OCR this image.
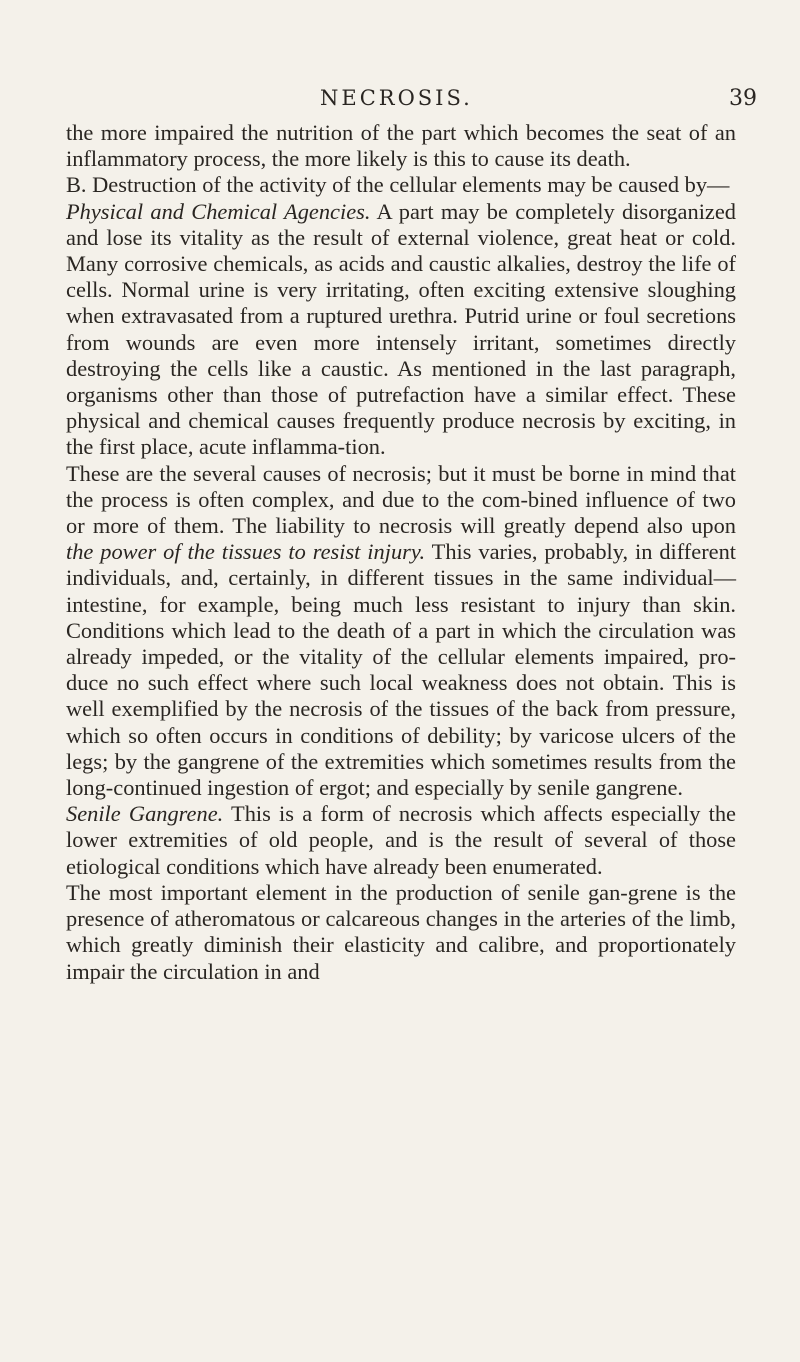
NECROSIS.	39

the more impaired the nutrition of the part which becomes the seat of an inflammatory process, the more likely is this to cause its death.

B. Destruction of the activity of the cellular elements may be caused by—

Physical and Chemical Agencies. A part may be completely disorganized and lose its vitality as the result of external violence, great heat or cold. Many corrosive chemicals, as acids and caustic alkalies, destroy the life of cells. Normal urine is very irritating, often exciting extensive sloughing when extravasated from a ruptured urethra. Putrid urine or foul secretions from wounds are even more intensely irritant, sometimes directly destroying the cells like a caustic. As mentioned in the last paragraph, organisms other than those of putrefaction have a similar effect. These physical and chemical causes frequently produce necrosis by exciting, in the first place, acute inflamma-tion.

These are the several causes of necrosis; but it must be borne in mind that the process is often complex, and due to the com-bined influence of two or more of them. The liability to necrosis will greatly depend also upon the power of the tissues to resist injury. This varies, probably, in different individuals, and, certainly, in different tissues in the same individual—intestine, for example, being much less resistant to injury than skin. Conditions which lead to the death of a part in which the circulation was already impeded, or the vitality of the cellular elements impaired, pro-duce no such effect where such local weakness does not obtain. This is well exemplified by the necrosis of the tissues of the back from pressure, which so often occurs in conditions of debility; by varicose ulcers of the legs; by the gangrene of the extremities which sometimes results from the long-continued ingestion of ergot; and especially by senile gangrene.

Senile Gangrene. This is a form of necrosis which affects especially the lower extremities of old people, and is the result of several of those etiological conditions which have already been enumerated.

The most important element in the production of senile gan-grene is the presence of atheromatous or calcareous changes in the arteries of the limb, which greatly diminish their elasticity and calibre, and proportionately impair the circulation in and
